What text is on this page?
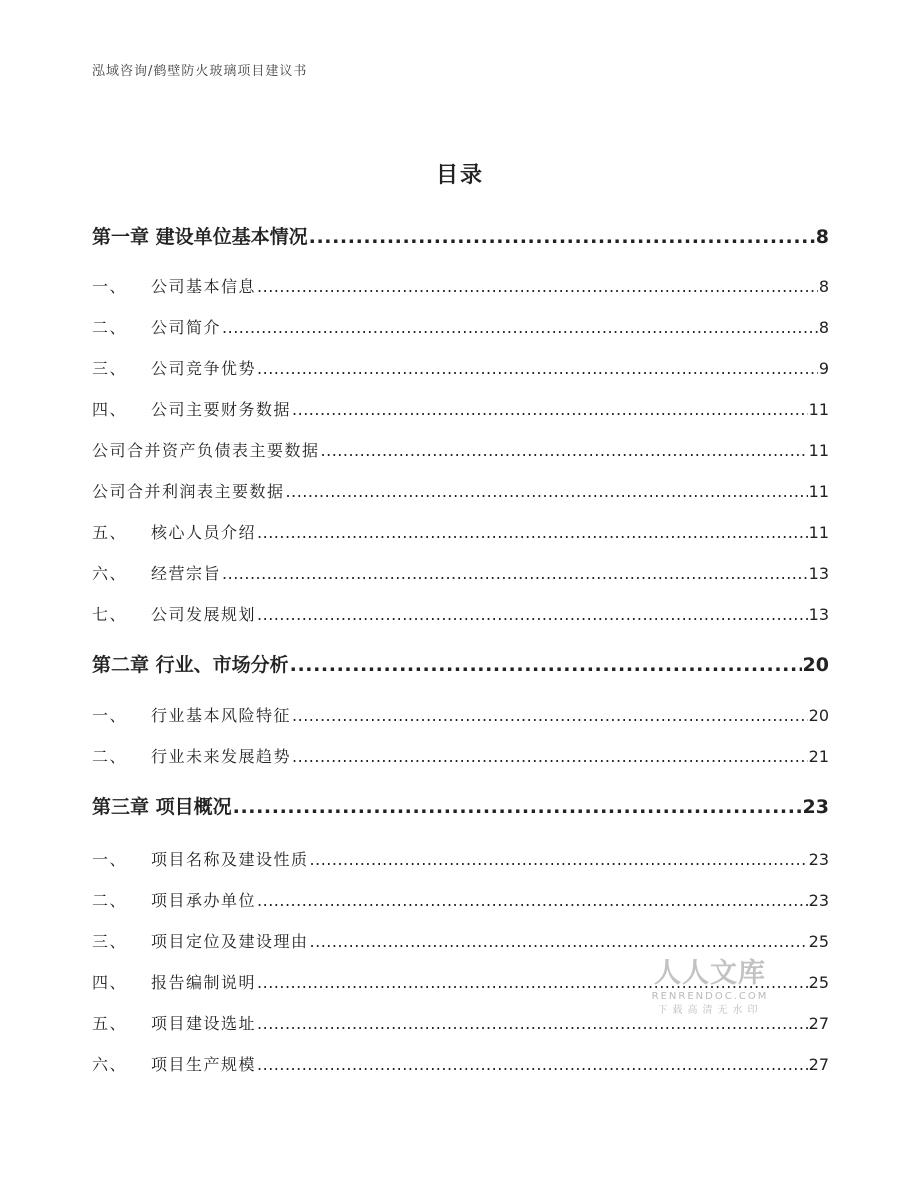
泓域咨询/鹤壁防火玻璃项目建议书
目录
第一章 建设单位基本情况 .....	8
一、 公司基本信息 .....	8
二、 公司简介 .....	8
三、 公司竞争优势 .....	9
四、 公司主要财务数据 .....	11
公司合并资产负债表主要数据 .....	11
公司合并利润表主要数据 .....	11
五、 核心人员介绍 .....	11
六、 经营宗旨 .....	13
七、 公司发展规划 .....	13
第二章 行业、市场分析 .....	20
一、 行业基本风险特征 .....	20
二、 行业未来发展趋势 .....	21
第三章 项目概况 .....	23
一、 项目名称及建设性质 .....	23
二、 项目承办单位 .....	23
三、 项目定位及建设理由 .....	25
四、 报告编制说明 .....	25
五、 项目建设选址 .....	27
六、 项目生产规模 .....	27
人人文库
RENRENDOC.COM
下载高清无水印
